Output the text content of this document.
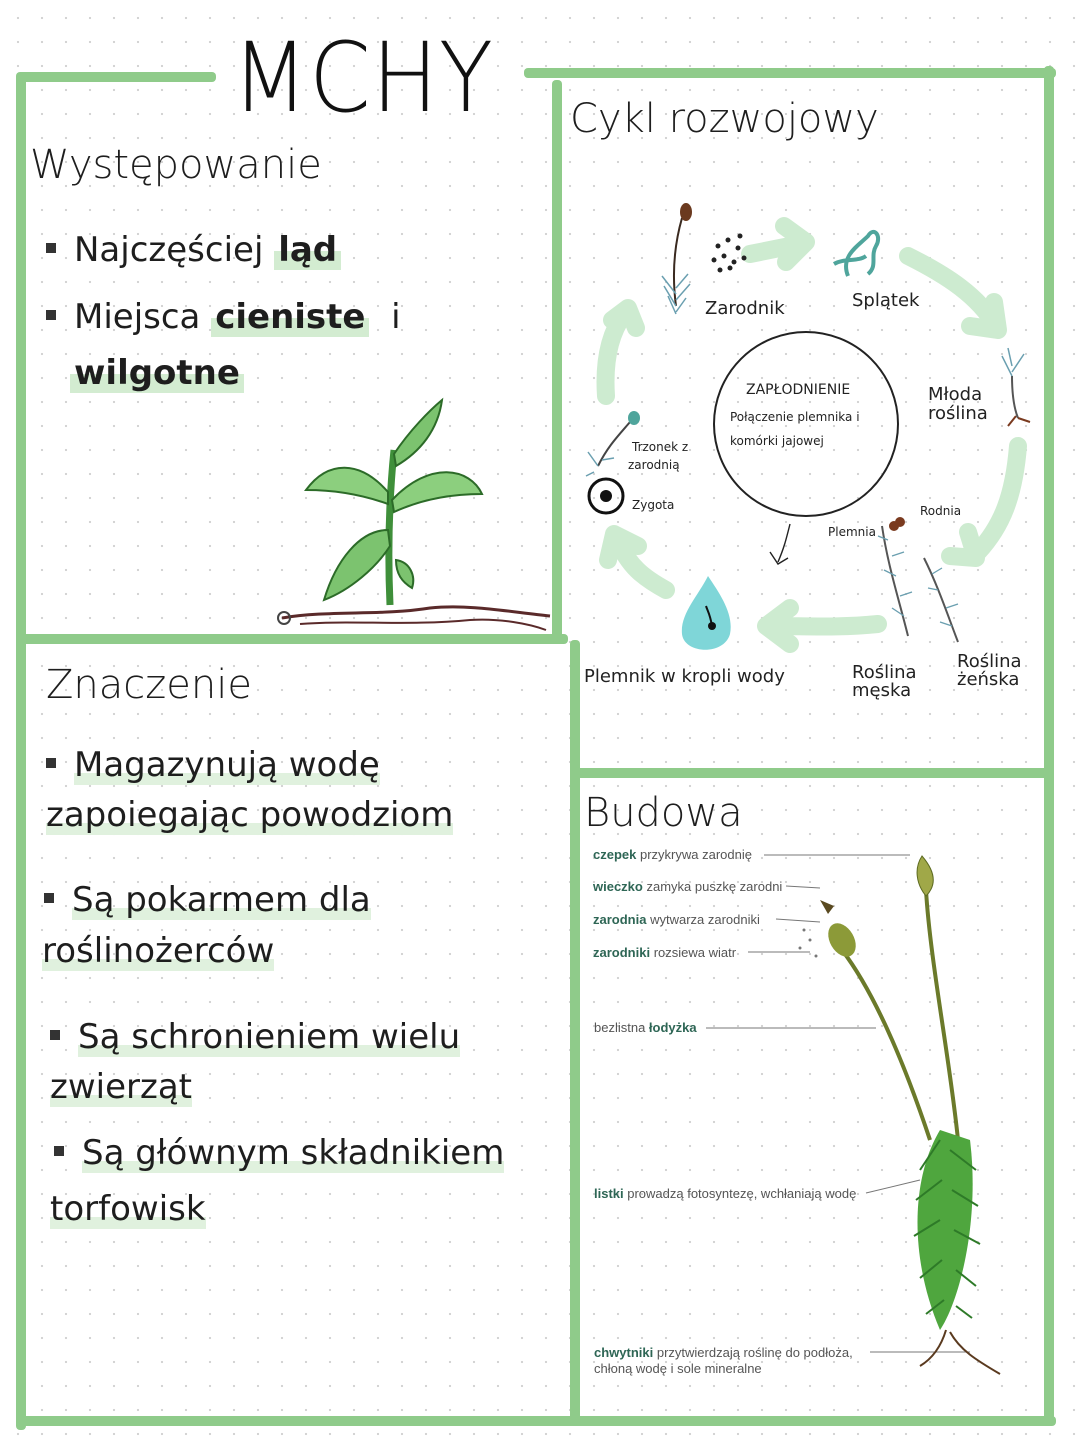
MCHY
Występowanie
Najczęściej ląd
Miejsca cieniste i
wilgotne
Znaczenie
Magazynują wodę
zapoiegając powodziom
Są pokarmem dla
roślinożerców
Są schronieniem wielu
zwierząt
Są głównym składnikiem
torfowisk
Cykl rozwojowy
Zarodnik	Splątek
Młoda
roślina
ZAPŁODNIENIE
Połączenie plemnika i
komórki jajowej
Trzonek z
zarodnią
Zygota
Plemnia
Rodnia
Plemnik w kropli wody	Roślina
męska
Roślina
żeńska
Budowa
czepek przykrywa zarodnię
wieczko zamyka puszkę zarodni
zarodnia wytwarza zarodniki
zarodniki rozsiewa wiatr
bezlistna łodyżka
listki prowadzą fotosyntezę, wchłaniają wodę
chwytniki przytwierdzają roślinę do podłoża,
chłoną wodę i sole mineralne
